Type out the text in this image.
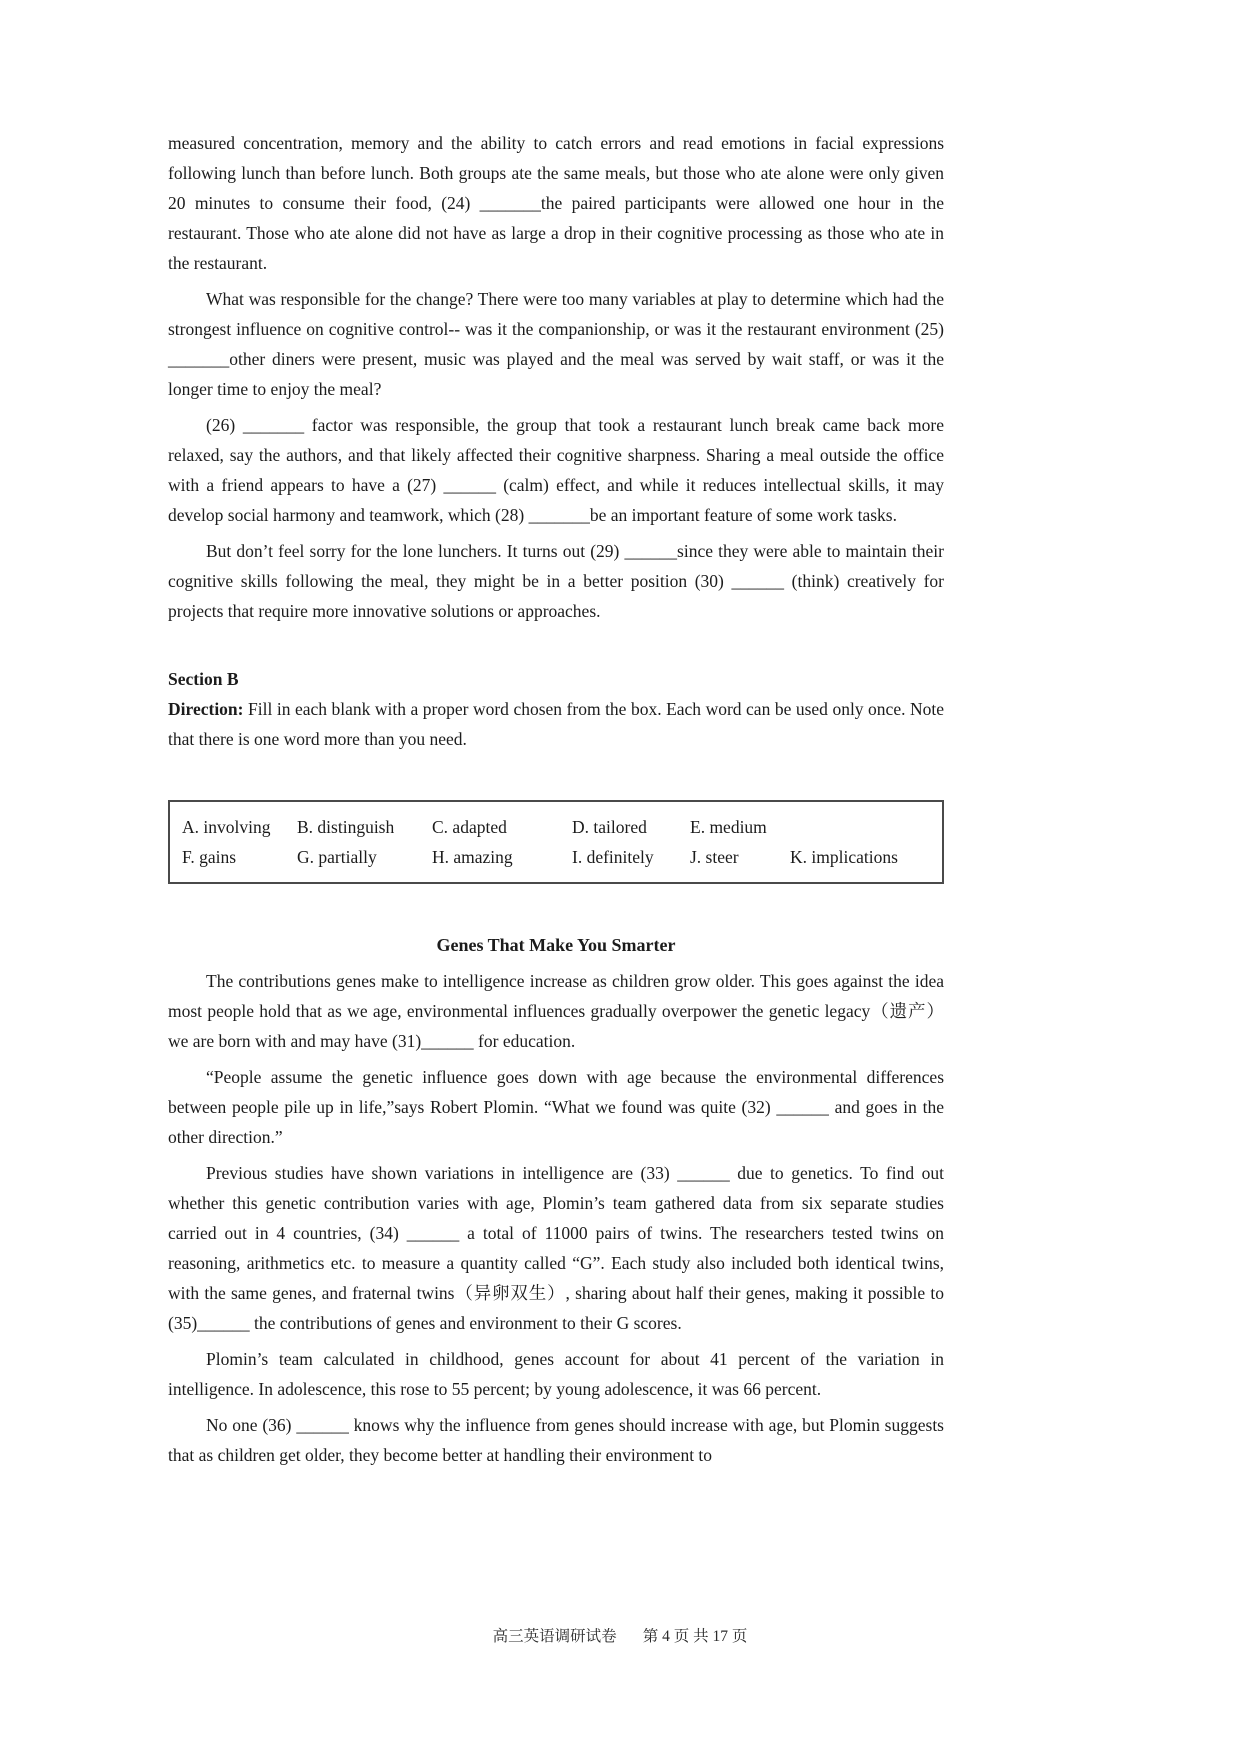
measured concentration, memory and the ability to catch errors and read emotions in facial expressions following lunch than before lunch. Both groups ate the same meals, but those who ate alone were only given 20 minutes to consume their food, (24) _______the paired participants were allowed one hour in the restaurant. Those who ate alone did not have as large a drop in their cognitive processing as those who ate in the restaurant.

What was responsible for the change? There were too many variables at play to determine which had the strongest influence on cognitive control-- was it the companionship, or was it the restaurant environment (25) _______other diners were present, music was played and the meal was served by wait staff, or was it the longer time to enjoy the meal?

(26) _______ factor was responsible, the group that took a restaurant lunch break came back more relaxed, say the authors, and that likely affected their cognitive sharpness. Sharing a meal outside the office with a friend appears to have a (27) ______ (calm) effect, and while it reduces intellectual skills, it may develop social harmony and teamwork, which (28) _______be an important feature of some work tasks.

But don’t feel sorry for the lone lunchers. It turns out (29) ______since they were able to maintain their cognitive skills following the meal, they might be in a better position (30) ______ (think) creatively for projects that require more innovative solutions or approaches.

Section B

Direction: Fill in each blank with a proper word chosen from the box. Each word can be used only once. Note that there is one word more than you need.

A. involving	B. distinguish	C. adapted	D. tailored	E. medium
F. gains	G. partially	H. amazing	I. definitely	J. steer	K. implications

Genes That Make You Smarter

The contributions genes make to intelligence increase as children grow older. This goes against the idea most people hold that as we age, environmental influences gradually overpower the genetic legacy（遗产）we are born with and may have (31)______ for education.

“People assume the genetic influence goes down with age because the environmental differences between people pile up in life,”says Robert Plomin. “What we found was quite (32) ______ and goes in the other direction.”

Previous studies have shown variations in intelligence are (33) ______ due to genetics. To find out whether this genetic contribution varies with age, Plomin’s team gathered data from six separate studies carried out in 4 countries, (34) ______ a total of 11000 pairs of twins. The researchers tested twins on reasoning, arithmetics etc. to measure a quantity called “G”. Each study also included both identical twins, with the same genes, and fraternal twins（异卵双生）, sharing about half their genes, making it possible to (35)______ the contributions of genes and environment to their G scores.

Plomin’s team calculated in childhood, genes account for about 41 percent of the variation in intelligence. In adolescence, this rose to 55 percent; by young adolescence, it was 66 percent.

No one (36) ______ knows why the influence from genes should increase with age, but Plomin suggests that as children get older, they become better at handling their environment to

高三英语调研试卷 第 4 页 共 17 页
